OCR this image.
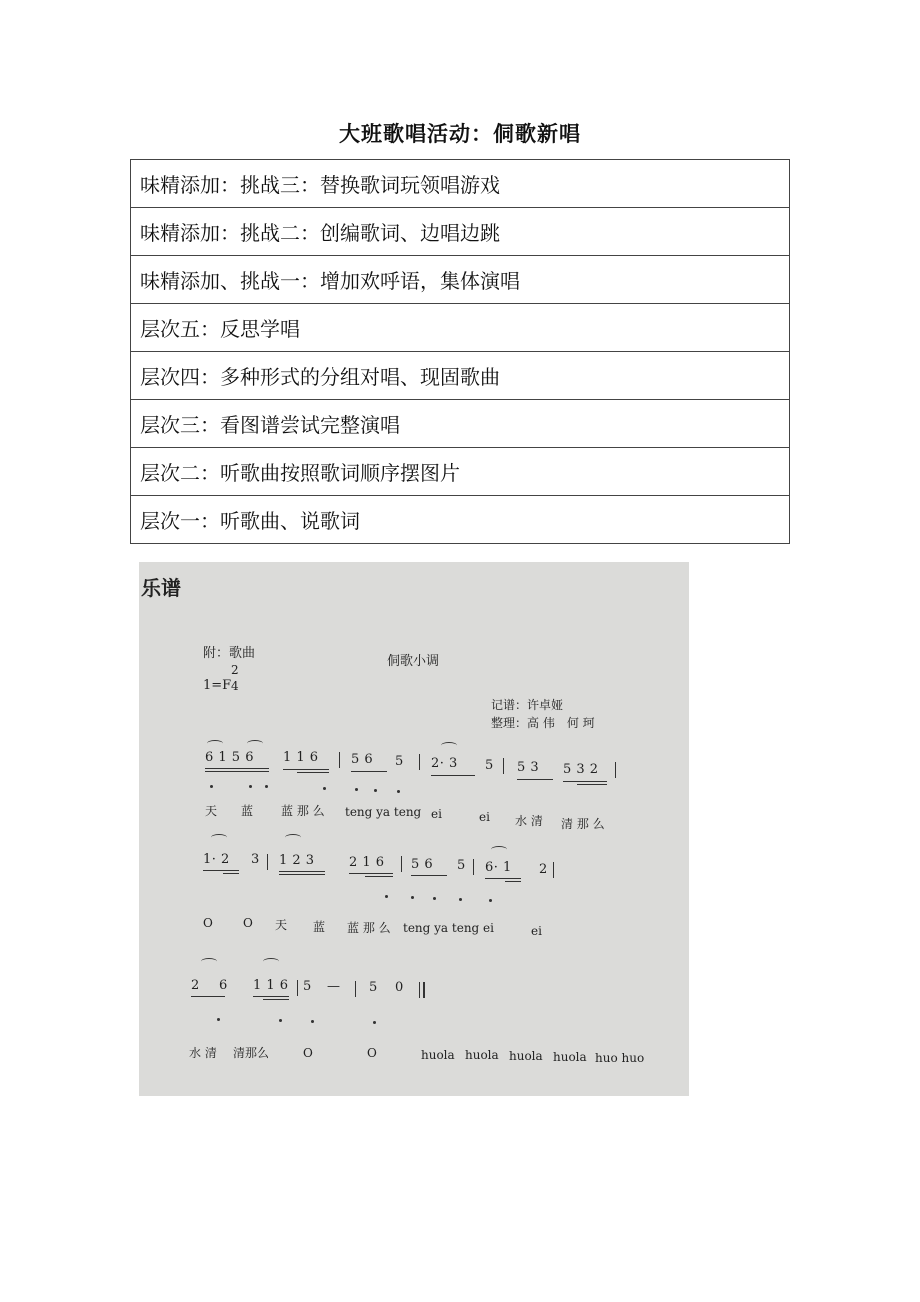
大班歌唱活动：侗歌新唱
味精添加：挑战三：替换歌词玩领唱游戏
味精添加：挑战二：创编歌词、边唱边跳
味精添加、挑战一：增加欢呼语，集体演唱
层次五：反思学唱
层次四：多种形式的分组对唱、现固歌曲
层次三：看图谱尝试完整演唱
层次二：听歌曲按照歌词顺序摆图片
层次一：听歌曲、说歌词
乐谱
附：歌曲
侗歌小调
2
1=F 4
记谱：许卓娅
整理：高 伟　何 珂
6 1 5 6 1 1 6 5 6 5 2· 3 5 5 3 5 3 2
天 蓝 蓝 那 么 teng ya teng ei	ei 水 清 清 那 么
1· 2 3 1 2 3	2 1 6 5 6 5 6· 1 2
O	O 天 蓝 蓝 那 么 teng ya teng ei	ei
2 6 1 1 6 5 — 5 0
水 清 清那么	O	O	huola huola huola huola huo huo
